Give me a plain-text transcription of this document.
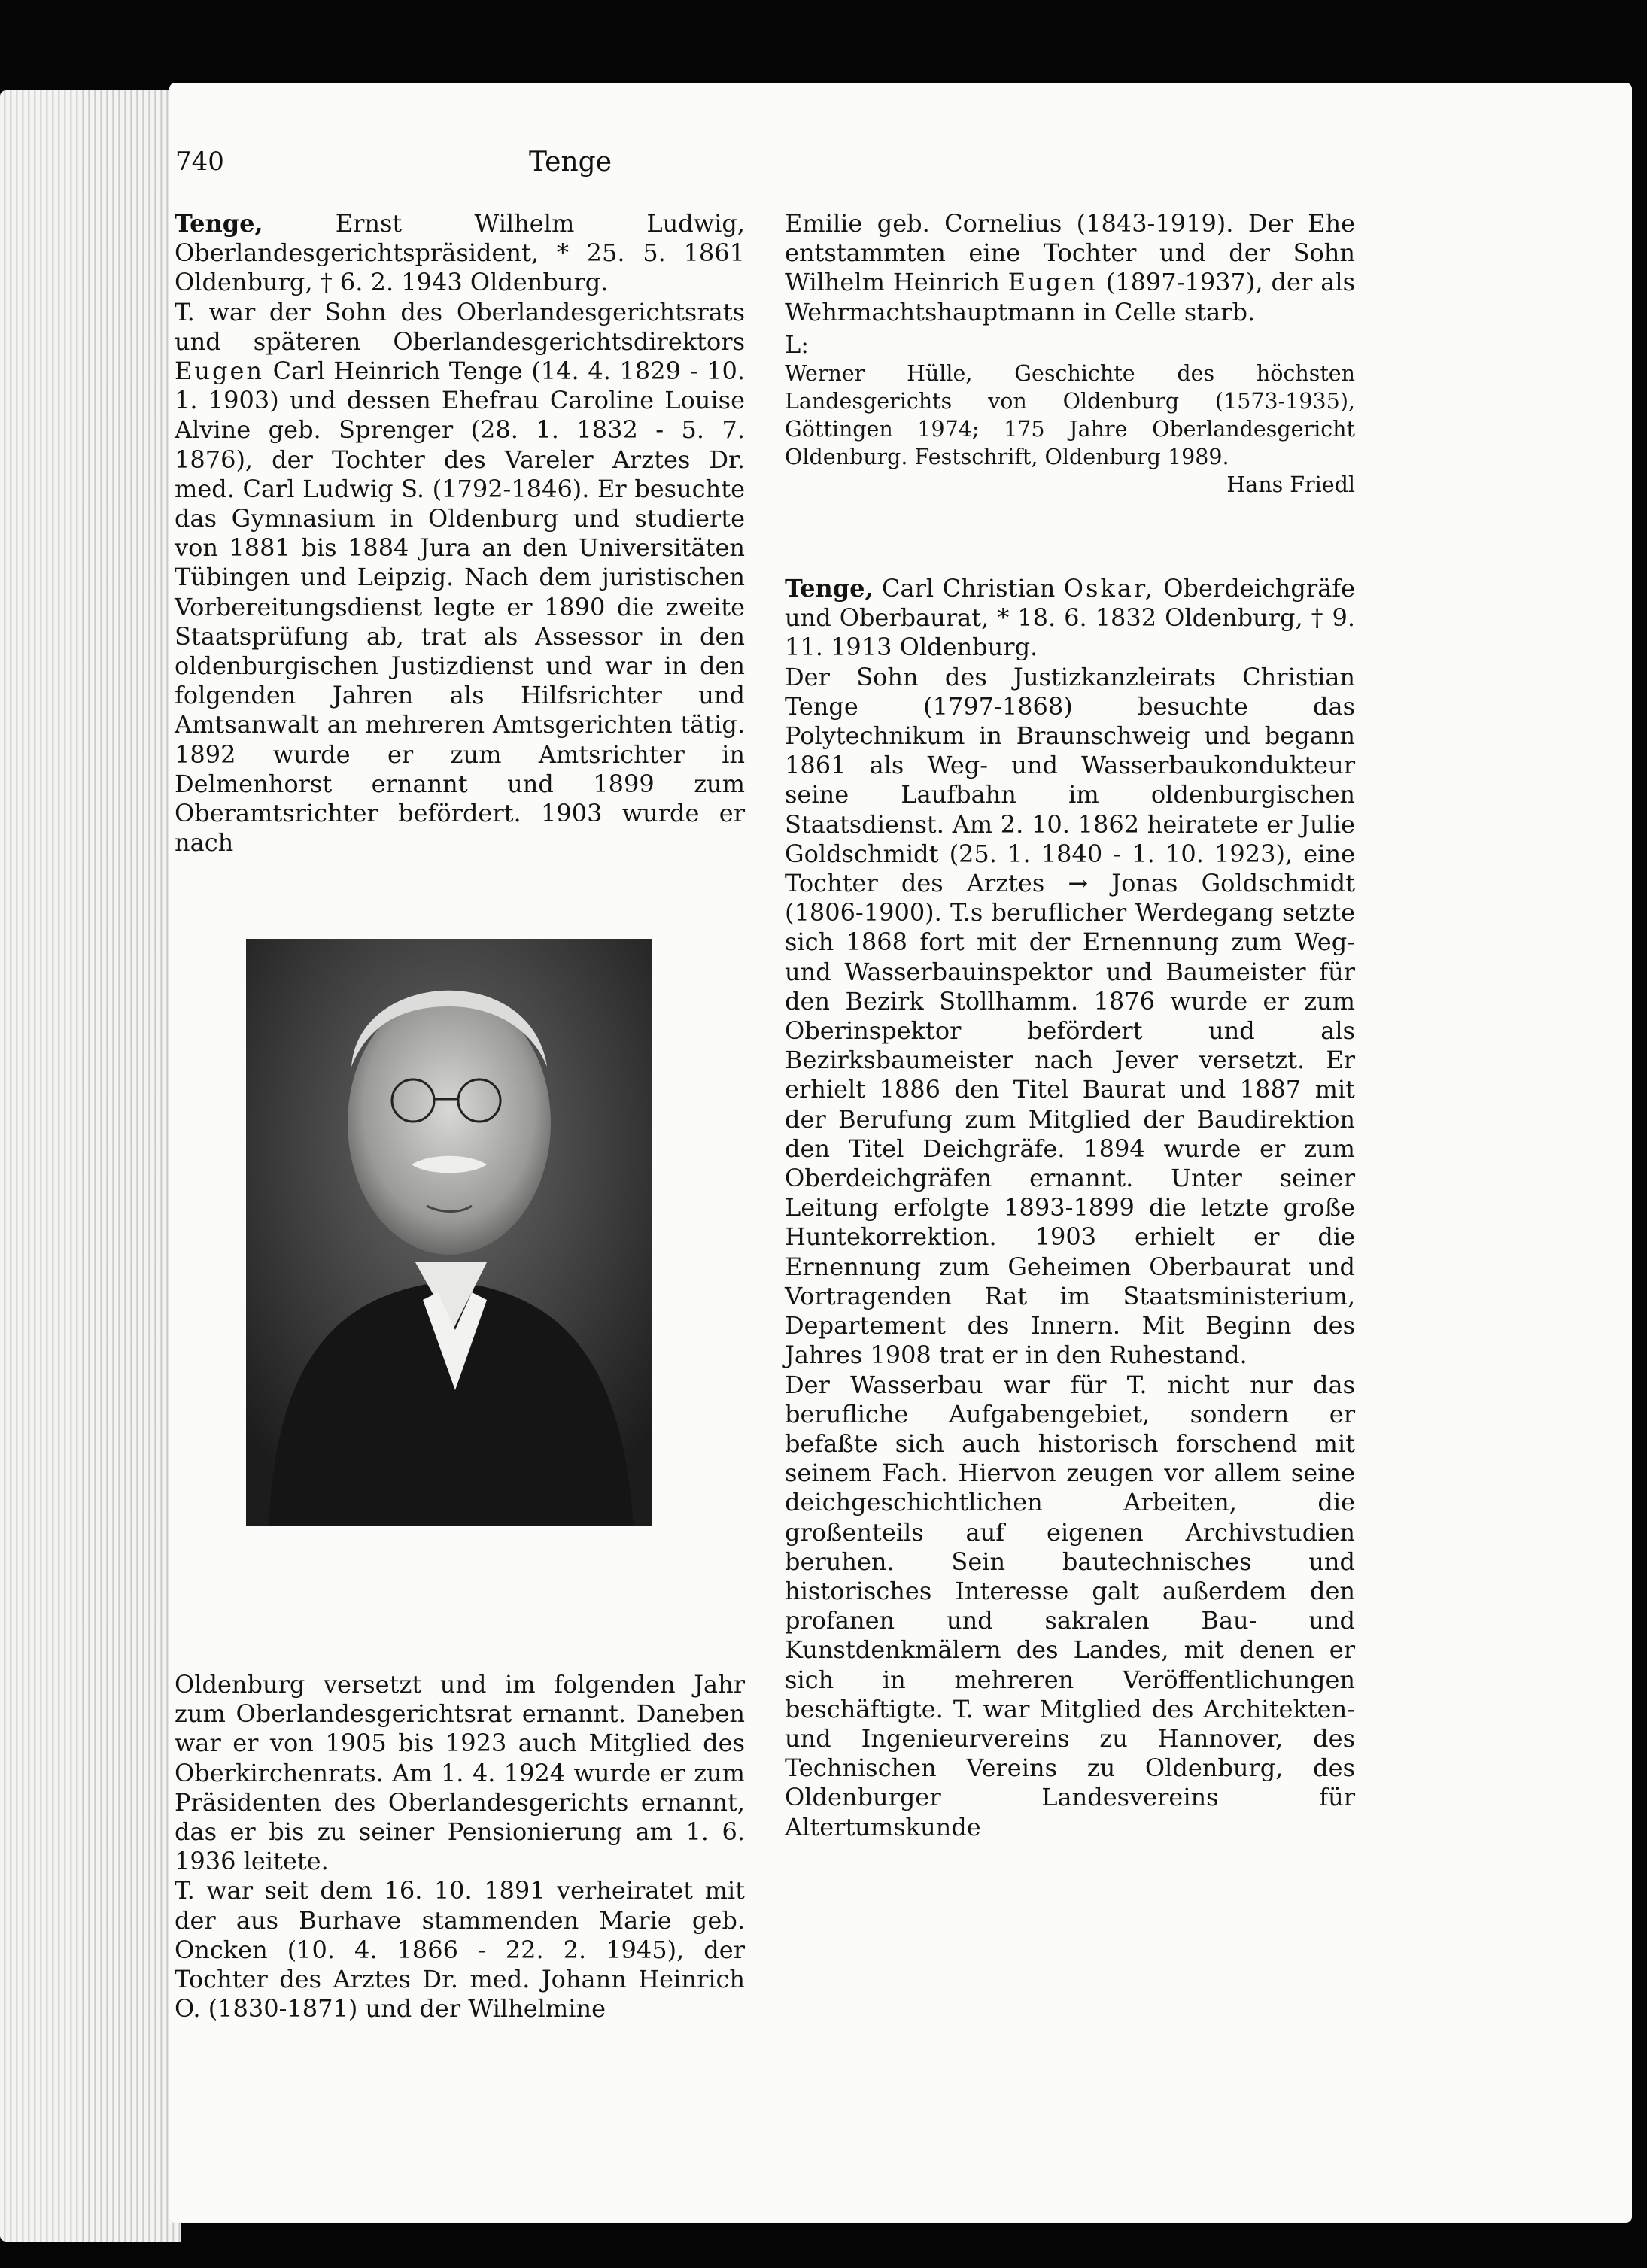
740	Tenge

Tenge,	Ernst Wilhelm Ludwig, Oberlandesgerichtspräsident, * 25. 5. 1861 Oldenburg, † 6. 2. 1943 Oldenburg.

T. war der Sohn des Oberlandesgerichtsrats und späteren Oberlandesgerichtsdirektors Eugen Carl Heinrich Tenge (14. 4. 1829 - 10. 1. 1903) und dessen Ehefrau Caroline Louise Alvine geb. Sprenger (28. 1. 1832 - 5. 7. 1876), der Tochter des Vareler Arztes Dr. med. Carl Ludwig S. (1792-1846). Er besuchte das Gymnasium in Oldenburg und studierte von 1881 bis 1884 Jura an den Universitäten Tübingen und Leipzig. Nach dem juristischen Vorbereitungsdienst legte er 1890 die zweite Staatsprüfung ab, trat als Assessor in den oldenburgischen Justizdienst und war in den folgenden Jahren als Hilfsrichter und Amtsanwalt an mehreren Amtsgerichten tätig. 1892 wurde er zum Amtsrichter in Delmenhorst ernannt und 1899 zum Oberamtsrichter befördert. 1903 wurde er nach

Oldenburg versetzt und im folgenden Jahr zum Oberlandesgerichtsrat ernannt. Daneben war er von 1905 bis 1923 auch Mitglied des Oberkirchenrats. Am 1. 4. 1924 wurde er zum Präsidenten des Oberlandesgerichts ernannt, das er bis zu seiner Pensionierung am 1. 6. 1936 leitete.

T. war seit dem 16. 10. 1891 verheiratet mit der aus Burhave stammenden Marie geb. Oncken (10. 4. 1866 - 22. 2. 1945), der Tochter des Arztes Dr. med. Johann Heinrich O. (1830-1871) und der Wilhelmine

Emilie geb. Cornelius (1843-1919). Der Ehe entstammten eine Tochter und der Sohn Wilhelm Heinrich Eugen (1897-1937), der als Wehrmachtshauptmann in Celle starb.

L:

Werner Hülle, Geschichte des höchsten Landesgerichts von Oldenburg (1573-1935), Göttingen 1974; 175 Jahre Oberlandesgericht Oldenburg. Festschrift, Oldenburg 1989.

Hans Friedl

Tenge, Carl Christian Oskar, Oberdeichgräfe und Oberbaurat, * 18. 6. 1832 Oldenburg, † 9. 11. 1913 Oldenburg.

Der Sohn des Justizkanzleirats Christian Tenge (1797-1868) besuchte das Polytechnikum in Braunschweig und begann 1861 als Weg- und Wasserbaukondukteur seine Laufbahn im oldenburgischen Staatsdienst. Am 2. 10. 1862 heiratete er Julie Goldschmidt (25. 1. 1840 - 1. 10. 1923), eine Tochter des Arztes → Jonas Goldschmidt (1806-1900). T.s beruflicher Werdegang setzte sich 1868 fort mit der Ernennung zum Weg- und Wasserbauinspektor und Baumeister für den Bezirk Stollhamm. 1876 wurde er zum Oberinspektor befördert und als Bezirksbaumeister nach Jever versetzt. Er erhielt 1886 den Titel Baurat und 1887 mit der Berufung zum Mitglied der Baudirektion den Titel Deichgräfe. 1894 wurde er zum Oberdeichgräfen ernannt. Unter seiner Leitung erfolgte 1893-1899 die letzte große Huntekorrektion. 1903 erhielt er die Ernennung zum Geheimen Oberbaurat und Vortragenden Rat im Staatsministerium, Departement des Innern. Mit Beginn des Jahres 1908 trat er in den Ruhestand.

Der Wasserbau war für T. nicht nur das berufliche Aufgabengebiet, sondern er befaßte sich auch historisch forschend mit seinem Fach. Hiervon zeugen vor allem seine deichgeschichtlichen Arbeiten, die großenteils auf eigenen Archivstudien beruhen. Sein bautechnisches und historisches Interesse galt außerdem den profanen und sakralen Bau- und Kunstdenkmälern des Landes, mit denen er sich in mehreren Veröffentlichungen beschäftigte. T. war Mitglied des Architekten- und Ingenieurvereins zu Hannover, des Technischen Vereins zu Oldenburg, des Oldenburger Landesvereins für Altertumskunde
